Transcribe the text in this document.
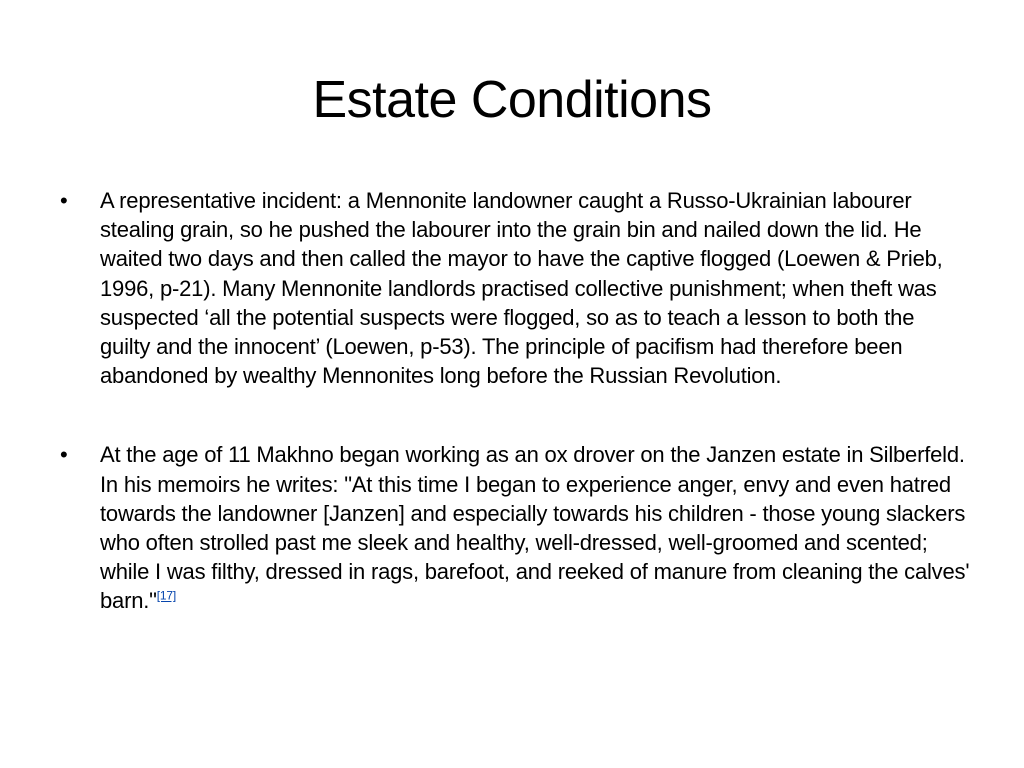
Estate Conditions
• A representative incident: a Mennonite landowner caught a Russo-Ukrainian labourer stealing grain, so he pushed the labourer into the grain bin and nailed down the lid. He waited two days and then called the mayor to have the captive flogged (Loewen & Prieb, 1996, p-21). Many Mennonite landlords practised collective punishment; when theft was suspected ‘all the potential suspects were flogged, so as to teach a lesson to both the guilty and the innocent’ (Loewen, p-53). The principle of pacifism had therefore been abandoned by wealthy Mennonites long before the Russian Revolution.
• At the age of 11 Makhno began working as an ox drover on the Janzen estate in Silberfeld. In his memoirs he writes: "At this time I began to experience anger, envy and even hatred towards the landowner [Janzen] and especially towards his children - those young slackers who often strolled past me sleek and healthy, well-dressed, well-groomed and scented; while I was filthy, dressed in rags, barefoot, and reeked of manure from cleaning the calves' barn."[17]
